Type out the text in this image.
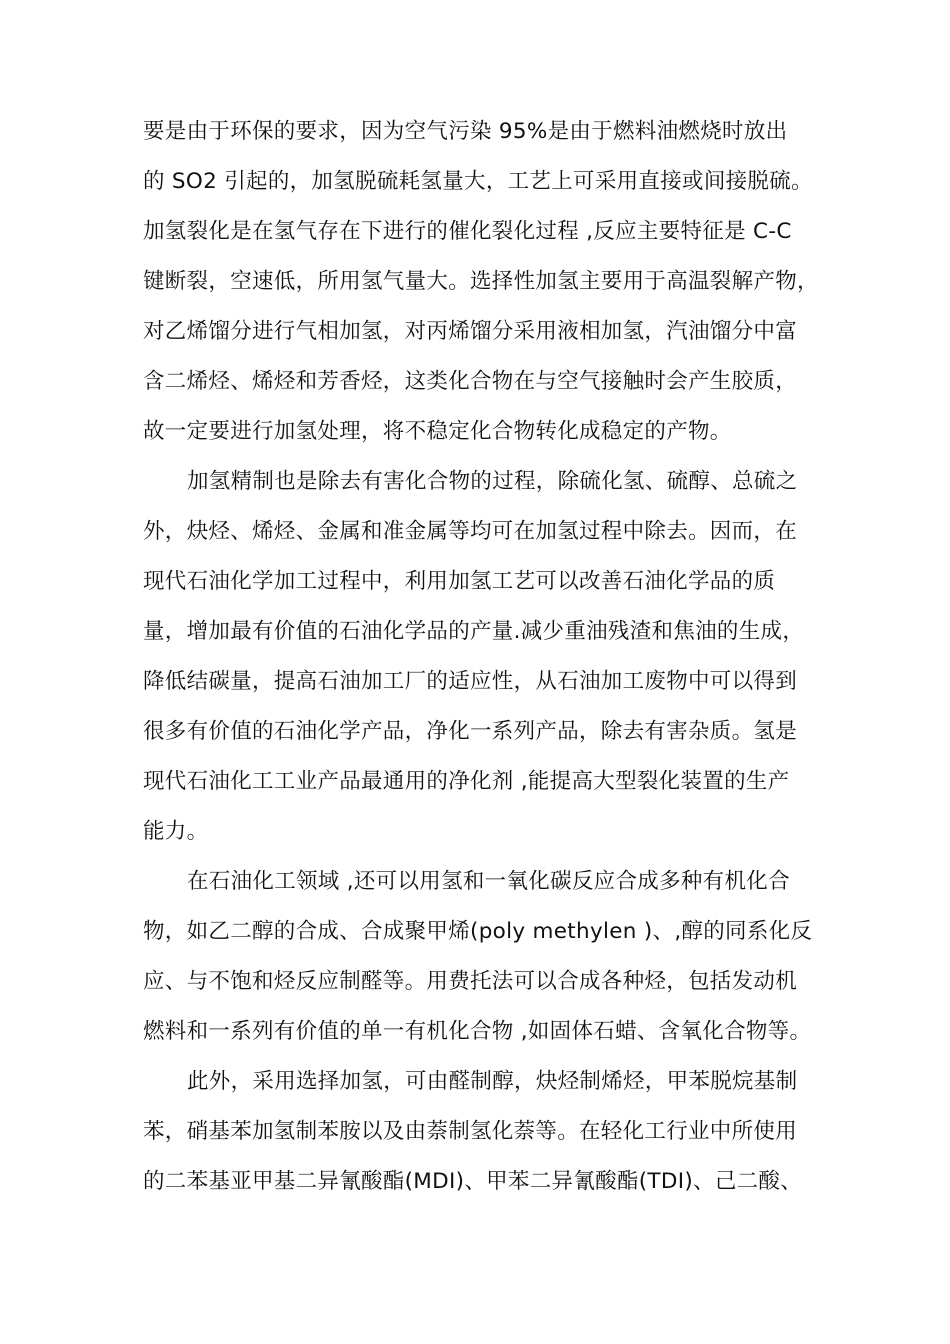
要是由于环保的要求，因为空气污染 95%是由于燃料油燃烧时放出
的 SO2 引起的，加氢脱硫耗氢量大，工艺上可采用直接或间接脱硫。
加氢裂化是在氢气存在下进行的催化裂化过程 ,反应主要特征是 C-C
键断裂，空速低，所用氢气量大。选择性加氢主要用于高温裂解产物，
对乙烯馏分进行气相加氢，对丙烯馏分采用液相加氢，汽油馏分中富
含二烯烃、烯烃和芳香烃，这类化合物在与空气接触时会产生胶质，
故一定要进行加氢处理，将不稳定化合物转化成稳定的产物。
加氢精制也是除去有害化合物的过程，除硫化氢、硫醇、总硫之
外，炔烃、烯烃、金属和准金属等均可在加氢过程中除去。因而，在
现代石油化学加工过程中，利用加氢工艺可以改善石油化学品的质
量，增加最有价值的石油化学品的产量.减少重油残渣和焦油的生成，
降低结碳量，提高石油加工厂的适应性，从石油加工废物中可以得到
很多有价值的石油化学产品，净化一系列产品，除去有害杂质。氢是
现代石油化工工业产品最通用的净化剂 ,能提高大型裂化装置的生产
能力。
在石油化工领域 ,还可以用氢和一氧化碳反应合成多种有机化合
物，如乙二醇的合成、合成聚甲烯(poly methylen )、,醇的同系化反
应、与不饱和烃反应制醛等。用费托法可以合成各种烃，包括发动机
燃料和一系列有价值的单一有机化合物 ,如固体石蜡、含氧化合物等。
此外，采用选择加氢，可由醛制醇，炔烃制烯烃，甲苯脱烷基制
苯，硝基苯加氢制苯胺以及由萘制氢化萘等。在轻化工行业中所使用
的二苯基亚甲基二异氰酸酯(MDI)、甲苯二异氰酸酯(TDI)、己二酸、
